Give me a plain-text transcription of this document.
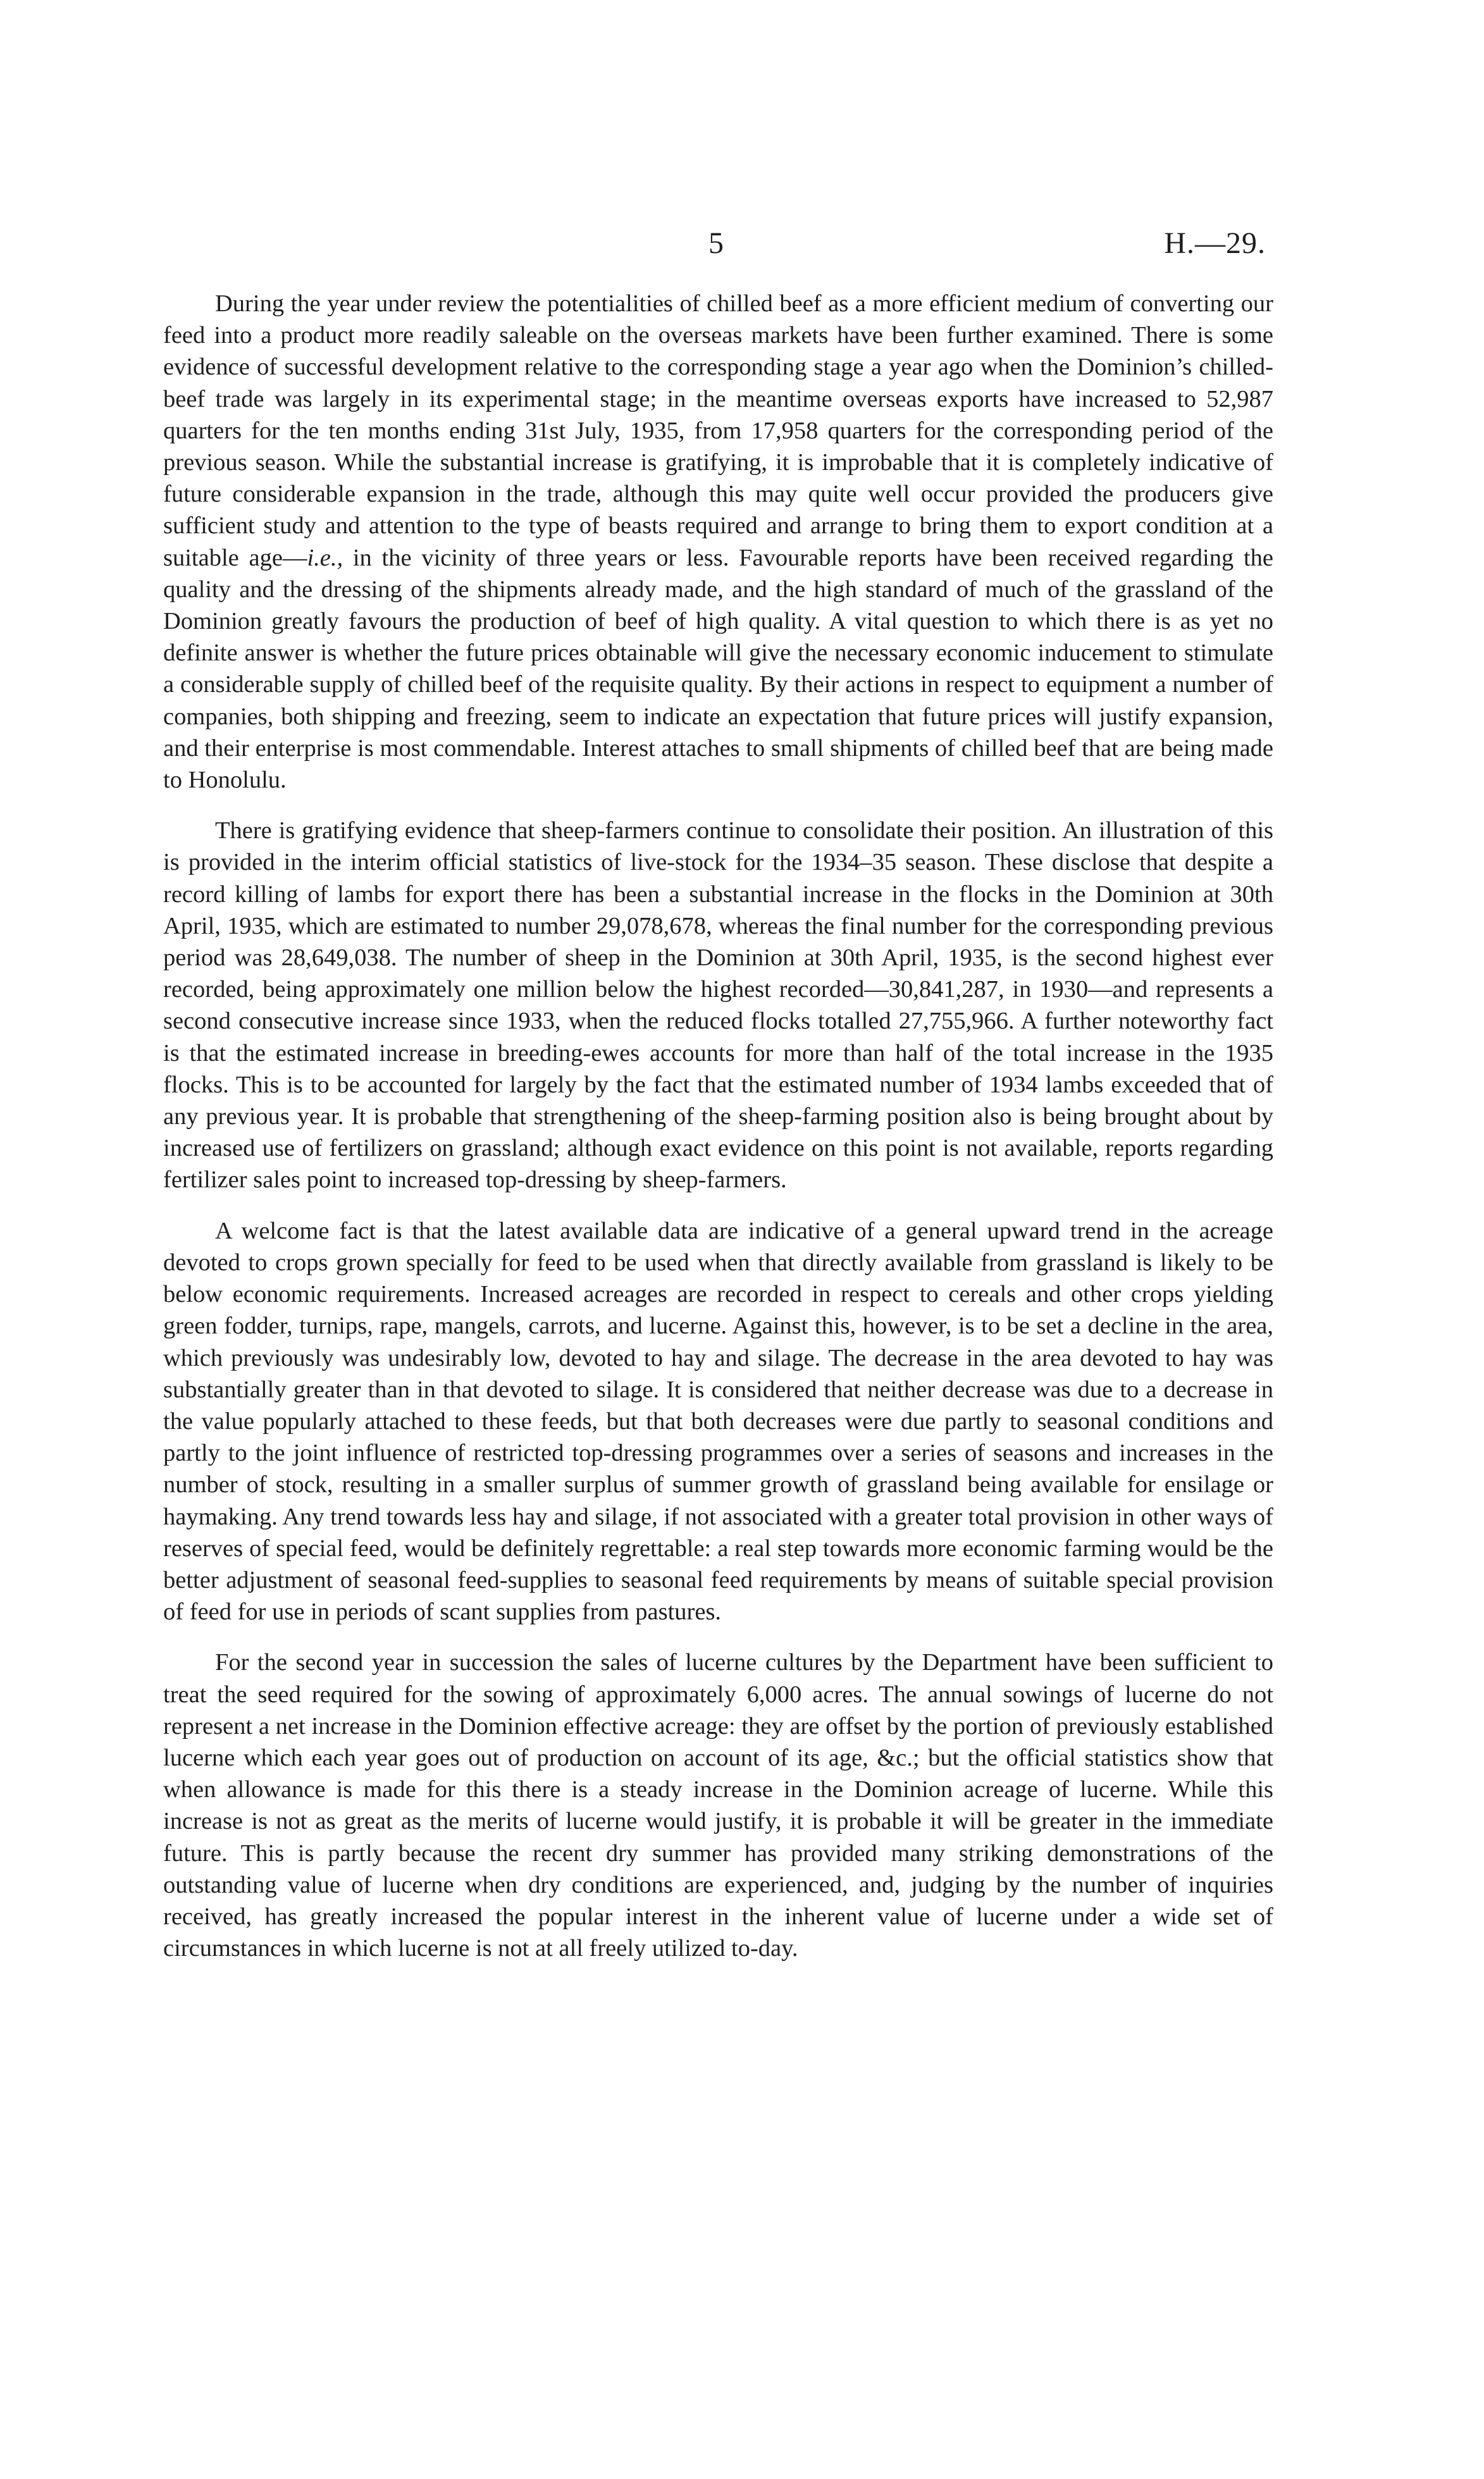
5	H.—29.

During the year under review the potentialities of chilled beef as a more efficient medium of converting our feed into a product more readily saleable on the overseas markets have been further examined. There is some evidence of successful development relative to the corresponding stage a year ago when the Dominion’s chilled-beef trade was largely in its experimental stage; in the meantime overseas exports have increased to 52,987 quarters for the ten months ending 31st July, 1935, from 17,958 quarters for the corresponding period of the previous season. While the substantial increase is gratifying, it is improbable that it is completely indicative of future considerable expansion in the trade, although this may quite well occur provided the producers give sufficient study and attention to the type of beasts required and arrange to bring them to export condition at a suitable age—i.e., in the vicinity of three years or less. Favourable reports have been received regarding the quality and the dressing of the shipments already made, and the high standard of much of the grassland of the Dominion greatly favours the production of beef of high quality. A vital question to which there is as yet no definite answer is whether the future prices obtainable will give the necessary economic inducement to stimulate a considerable supply of chilled beef of the requisite quality. By their actions in respect to equipment a number of companies, both shipping and freezing, seem to indicate an expectation that future prices will justify expansion, and their enterprise is most commendable. Interest attaches to small shipments of chilled beef that are being made to Honolulu.

There is gratifying evidence that sheep-farmers continue to consolidate their position. An illustration of this is provided in the interim official statistics of live-stock for the 1934–35 season. These disclose that despite a record killing of lambs for export there has been a substantial increase in the flocks in the Dominion at 30th April, 1935, which are estimated to number 29,078,678, whereas the final number for the corresponding previous period was 28,649,038. The number of sheep in the Dominion at 30th April, 1935, is the second highest ever recorded, being approximately one million below the highest recorded—30,841,287, in 1930—and represents a second consecutive increase since 1933, when the reduced flocks totalled 27,755,966. A further noteworthy fact is that the estimated increase in breeding-ewes accounts for more than half of the total increase in the 1935 flocks. This is to be accounted for largely by the fact that the estimated number of 1934 lambs exceeded that of any previous year. It is probable that strengthening of the sheep-farming position also is being brought about by increased use of fertilizers on grassland; although exact evidence on this point is not available, reports regarding fertilizer sales point to increased top-dressing by sheep-farmers.

A welcome fact is that the latest available data are indicative of a general upward trend in the acreage devoted to crops grown specially for feed to be used when that directly available from grassland is likely to be below economic requirements. Increased acreages are recorded in respect to cereals and other crops yielding green fodder, turnips, rape, mangels, carrots, and lucerne. Against this, however, is to be set a decline in the area, which previously was undesirably low, devoted to hay and silage. The decrease in the area devoted to hay was substantially greater than in that devoted to silage. It is considered that neither decrease was due to a decrease in the value popularly attached to these feeds, but that both decreases were due partly to seasonal conditions and partly to the joint influence of restricted top-dressing programmes over a series of seasons and increases in the number of stock, resulting in a smaller surplus of summer growth of grassland being available for ensilage or haymaking. Any trend towards less hay and silage, if not associated with a greater total provision in other ways of reserves of special feed, would be definitely regrettable: a real step towards more economic farming would be the better adjustment of seasonal feed-supplies to seasonal feed requirements by means of suitable special provision of feed for use in periods of scant supplies from pastures.

For the second year in succession the sales of lucerne cultures by the Department have been sufficient to treat the seed required for the sowing of approximately 6,000 acres. The annual sowings of lucerne do not represent a net increase in the Dominion effective acreage: they are offset by the portion of previously established lucerne which each year goes out of production on account of its age, &c.; but the official statistics show that when allowance is made for this there is a steady increase in the Dominion acreage of lucerne. While this increase is not as great as the merits of lucerne would justify, it is probable it will be greater in the immediate future. This is partly because the recent dry summer has provided many striking demonstrations of the outstanding value of lucerne when dry conditions are experienced, and, judging by the number of inquiries received, has greatly increased the popular interest in the inherent value of lucerne under a wide set of circumstances in which lucerne is not at all freely utilized to-day.
